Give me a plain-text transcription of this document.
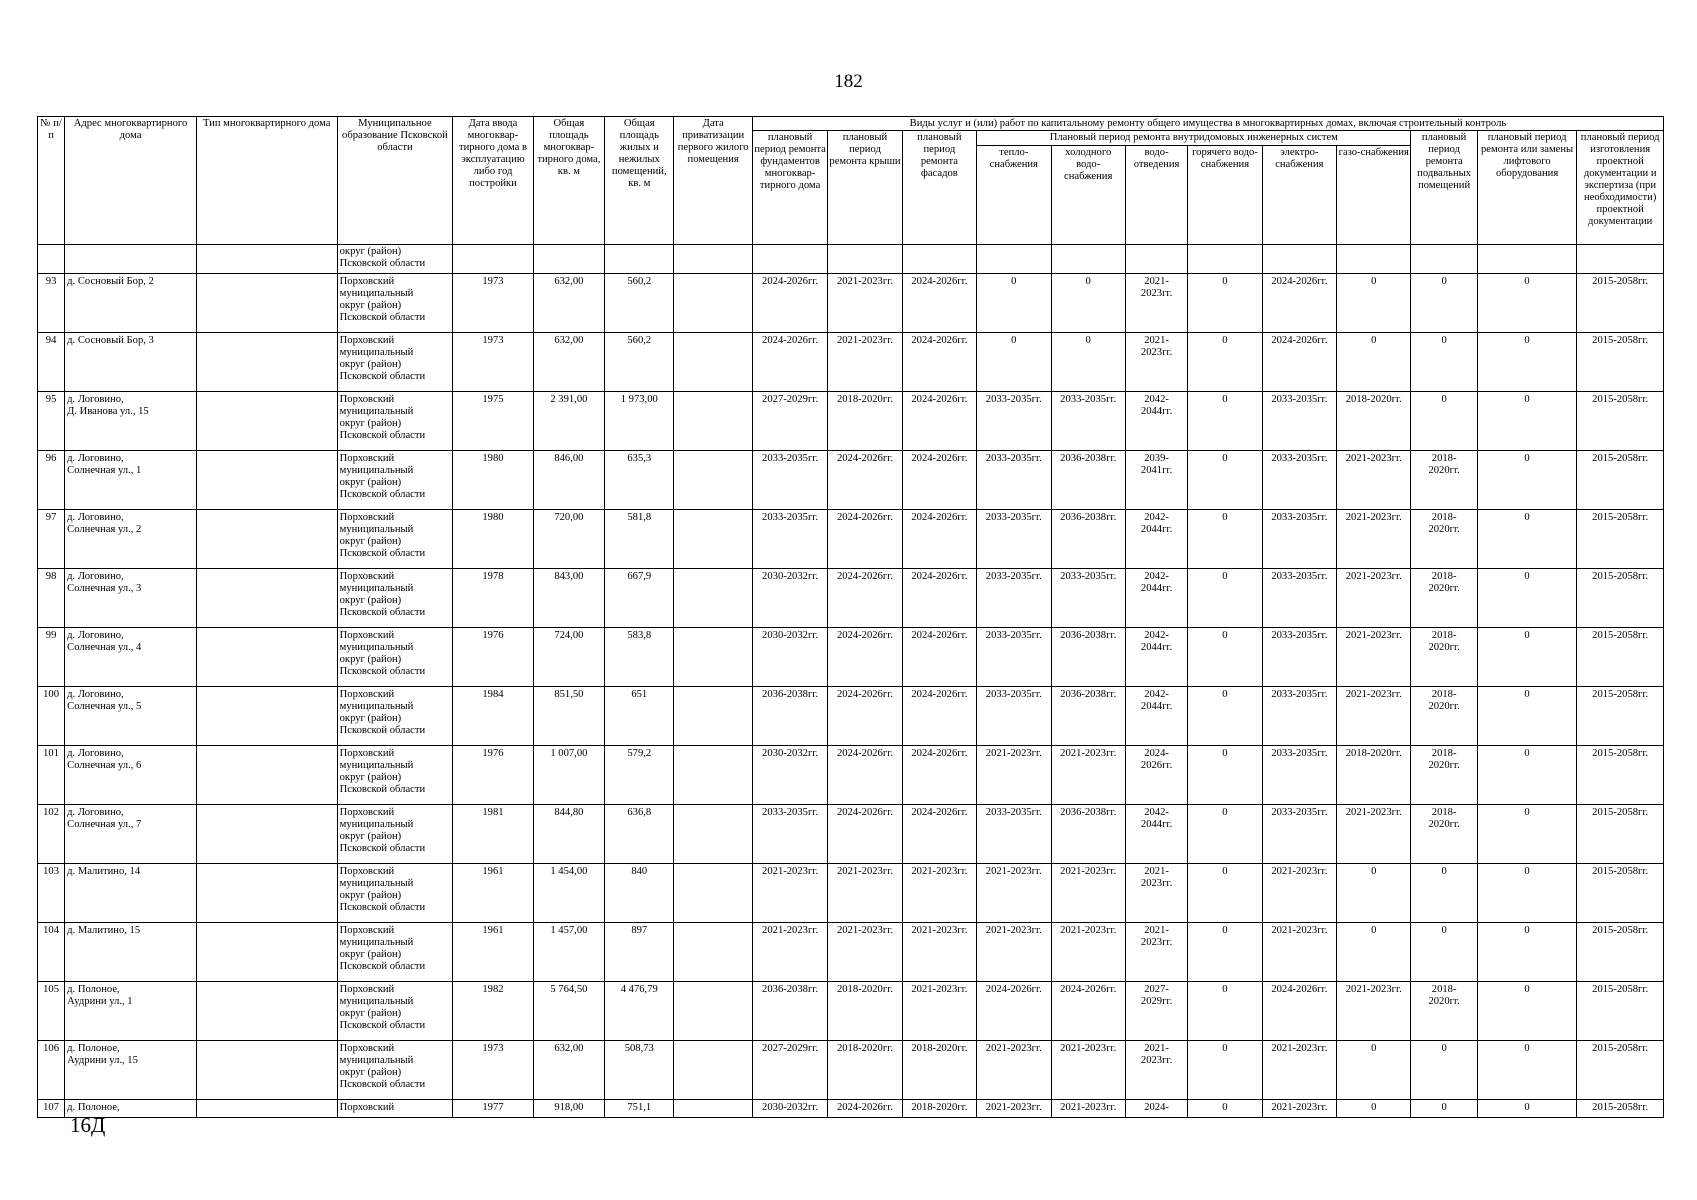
182
№ п/п	Адрес многоквартирного дома	Тип многоквартирного дома	Муниципальное образование Псковской области	Дата ввода многоквар-тирного дома в эксплуатацию либо год постройки	Общая площадь многоквар-тирного дома, кв. м	Общая площадь жилых и нежилых помещений, кв. м	Дата приватизации первого жилого помещения	Виды услуг и (или) работ по капитальному ремонту общего имущества в многоквартирных домах, включая строительный контроль											
								плановый период ремонта фундаментов многоквар-тирного дома	плановый период ремонта крыши	плановый период ремонта фасадов	Плановый период ремонта внутридомовых инженерных систем						плановый период ремонта подвальных помещений	плановый период ремонта или замены лифтового оборудования	плановый период изготовления проектной документации и экспертиза (при необходимости) проектной документации
											тепло-снабжения	холодного водо-снабжения	водо-отведения	горячего водо-снабжения	электро-снабжения	газо-снабжения			
			округ (район)
Псковской области																
93	д. Сосновый Бор, 2		Порховский
муниципальный
округ (район)
Псковской области	1973	632,00	560,2		2024-2026гг.	2021-2023гг.	2024-2026гг.	0	0	2021-
2023гг.	0	2024-2026гг.	0	0	0	2015-2058гг.
94	д. Сосновый Бор, 3		Порховский
муниципальный
округ (район)
Псковской области	1973	632,00	560,2		2024-2026гг.	2021-2023гг.	2024-2026гг.	0	0	2021-
2023гг.	0	2024-2026гг.	0	0	0	2015-2058гг.
95	д. Логовино,
Д. Иванова ул., 15		Порховский
муниципальный
округ (район)
Псковской области	1975	2 391,00	1 973,00		2027-2029гг.	2018-2020гг.	2024-2026гг.	2033-2035гг.	2033-2035гг.	2042-
2044гг.	0	2033-2035гг.	2018-2020гг.	0	0	2015-2058гг.
96	д. Логовино,
Солнечная ул., 1		Порховский
муниципальный
округ (район)
Псковской области	1980	846,00	635,3		2033-2035гг.	2024-2026гг.	2024-2026гг.	2033-2035гг.	2036-2038гг.	2039-
2041гг.	0	2033-2035гг.	2021-2023гг.	2018-
2020гг.	0	2015-2058гг.
97	д. Логовино,
Солнечная ул., 2		Порховский
муниципальный
округ (район)
Псковской области	1980	720,00	581,8		2033-2035гг.	2024-2026гг.	2024-2026гг.	2033-2035гг.	2036-2038гг.	2042-
2044гг.	0	2033-2035гг.	2021-2023гг.	2018-
2020гг.	0	2015-2058гг.
98	д. Логовино,
Солнечная ул., 3		Порховский
муниципальный
округ (район)
Псковской области	1978	843,00	667,9		2030-2032гг.	2024-2026гг.	2024-2026гг.	2033-2035гг.	2033-2035гг.	2042-
2044гг.	0	2033-2035гг.	2021-2023гг.	2018-
2020гг.	0	2015-2058гг.
99	д. Логовино,
Солнечная ул., 4		Порховский
муниципальный
округ (район)
Псковской области	1976	724,00	583,8		2030-2032гг.	2024-2026гг.	2024-2026гг.	2033-2035гг.	2036-2038гг.	2042-
2044гг.	0	2033-2035гг.	2021-2023гг.	2018-
2020гг.	0	2015-2058гг.
100	д. Логовино,
Солнечная ул., 5		Порховский
муниципальный
округ (район)
Псковской области	1984	851,50	651		2036-2038гг.	2024-2026гг.	2024-2026гг.	2033-2035гг.	2036-2038гг.	2042-
2044гг.	0	2033-2035гг.	2021-2023гг.	2018-
2020гг.	0	2015-2058гг.
101	д. Логовино,
Солнечная ул., 6		Порховский
муниципальный
округ (район)
Псковской области	1976	1 007,00	579,2		2030-2032гг.	2024-2026гг.	2024-2026гг.	2021-2023гг.	2021-2023гг.	2024-
2026гг.	0	2033-2035гг.	2018-2020гг.	2018-
2020гг.	0	2015-2058гг.
102	д. Логовино,
Солнечная ул., 7		Порховский
муниципальный
округ (район)
Псковской области	1981	844,80	636,8		2033-2035гг.	2024-2026гг.	2024-2026гг.	2033-2035гг.	2036-2038гг.	2042-
2044гг.	0	2033-2035гг.	2021-2023гг.	2018-
2020гг.	0	2015-2058гг.
103	д. Малитино, 14		Порховский
муниципальный
округ (район)
Псковской области	1961	1 454,00	840		2021-2023гг.	2021-2023гг.	2021-2023гг.	2021-2023гг.	2021-2023гг.	2021-
2023гг.	0	2021-2023гг.	0	0	0	2015-2058гг.
104	д. Малитино, 15		Порховский
муниципальный
округ (район)
Псковской области	1961	1 457,00	897		2021-2023гг.	2021-2023гг.	2021-2023гг.	2021-2023гг.	2021-2023гг.	2021-
2023гг.	0	2021-2023гг.	0	0	0	2015-2058гг.
105	д. Полоное,
Аудрини ул., 1		Порховский
муниципальный
округ (район)
Псковской области	1982	5 764,50	4 476,79		2036-2038гг.	2018-2020гг.	2021-2023гг.	2024-2026гг.	2024-2026гг.	2027-
2029гг.	0	2024-2026гг.	2021-2023гг.	2018-
2020гг.	0	2015-2058гг.
106	д. Полоное,
Аудрини ул., 15		Порховский
муниципальный
округ (район)
Псковской области	1973	632,00	508,73		2027-2029гг.	2018-2020гг.	2018-2020гг.	2021-2023гг.	2021-2023гг.	2021-
2023гг.	0	2021-2023гг.	0	0	0	2015-2058гг.
107	д. Полоное,		Порховский	1977	918,00	751,1		2030-2032гг.	2024-2026гг.	2018-2020гг.	2021-2023гг.	2021-2023гг.	2024-	0	2021-2023гг.	0	0	0	2015-2058гг.
16Д
